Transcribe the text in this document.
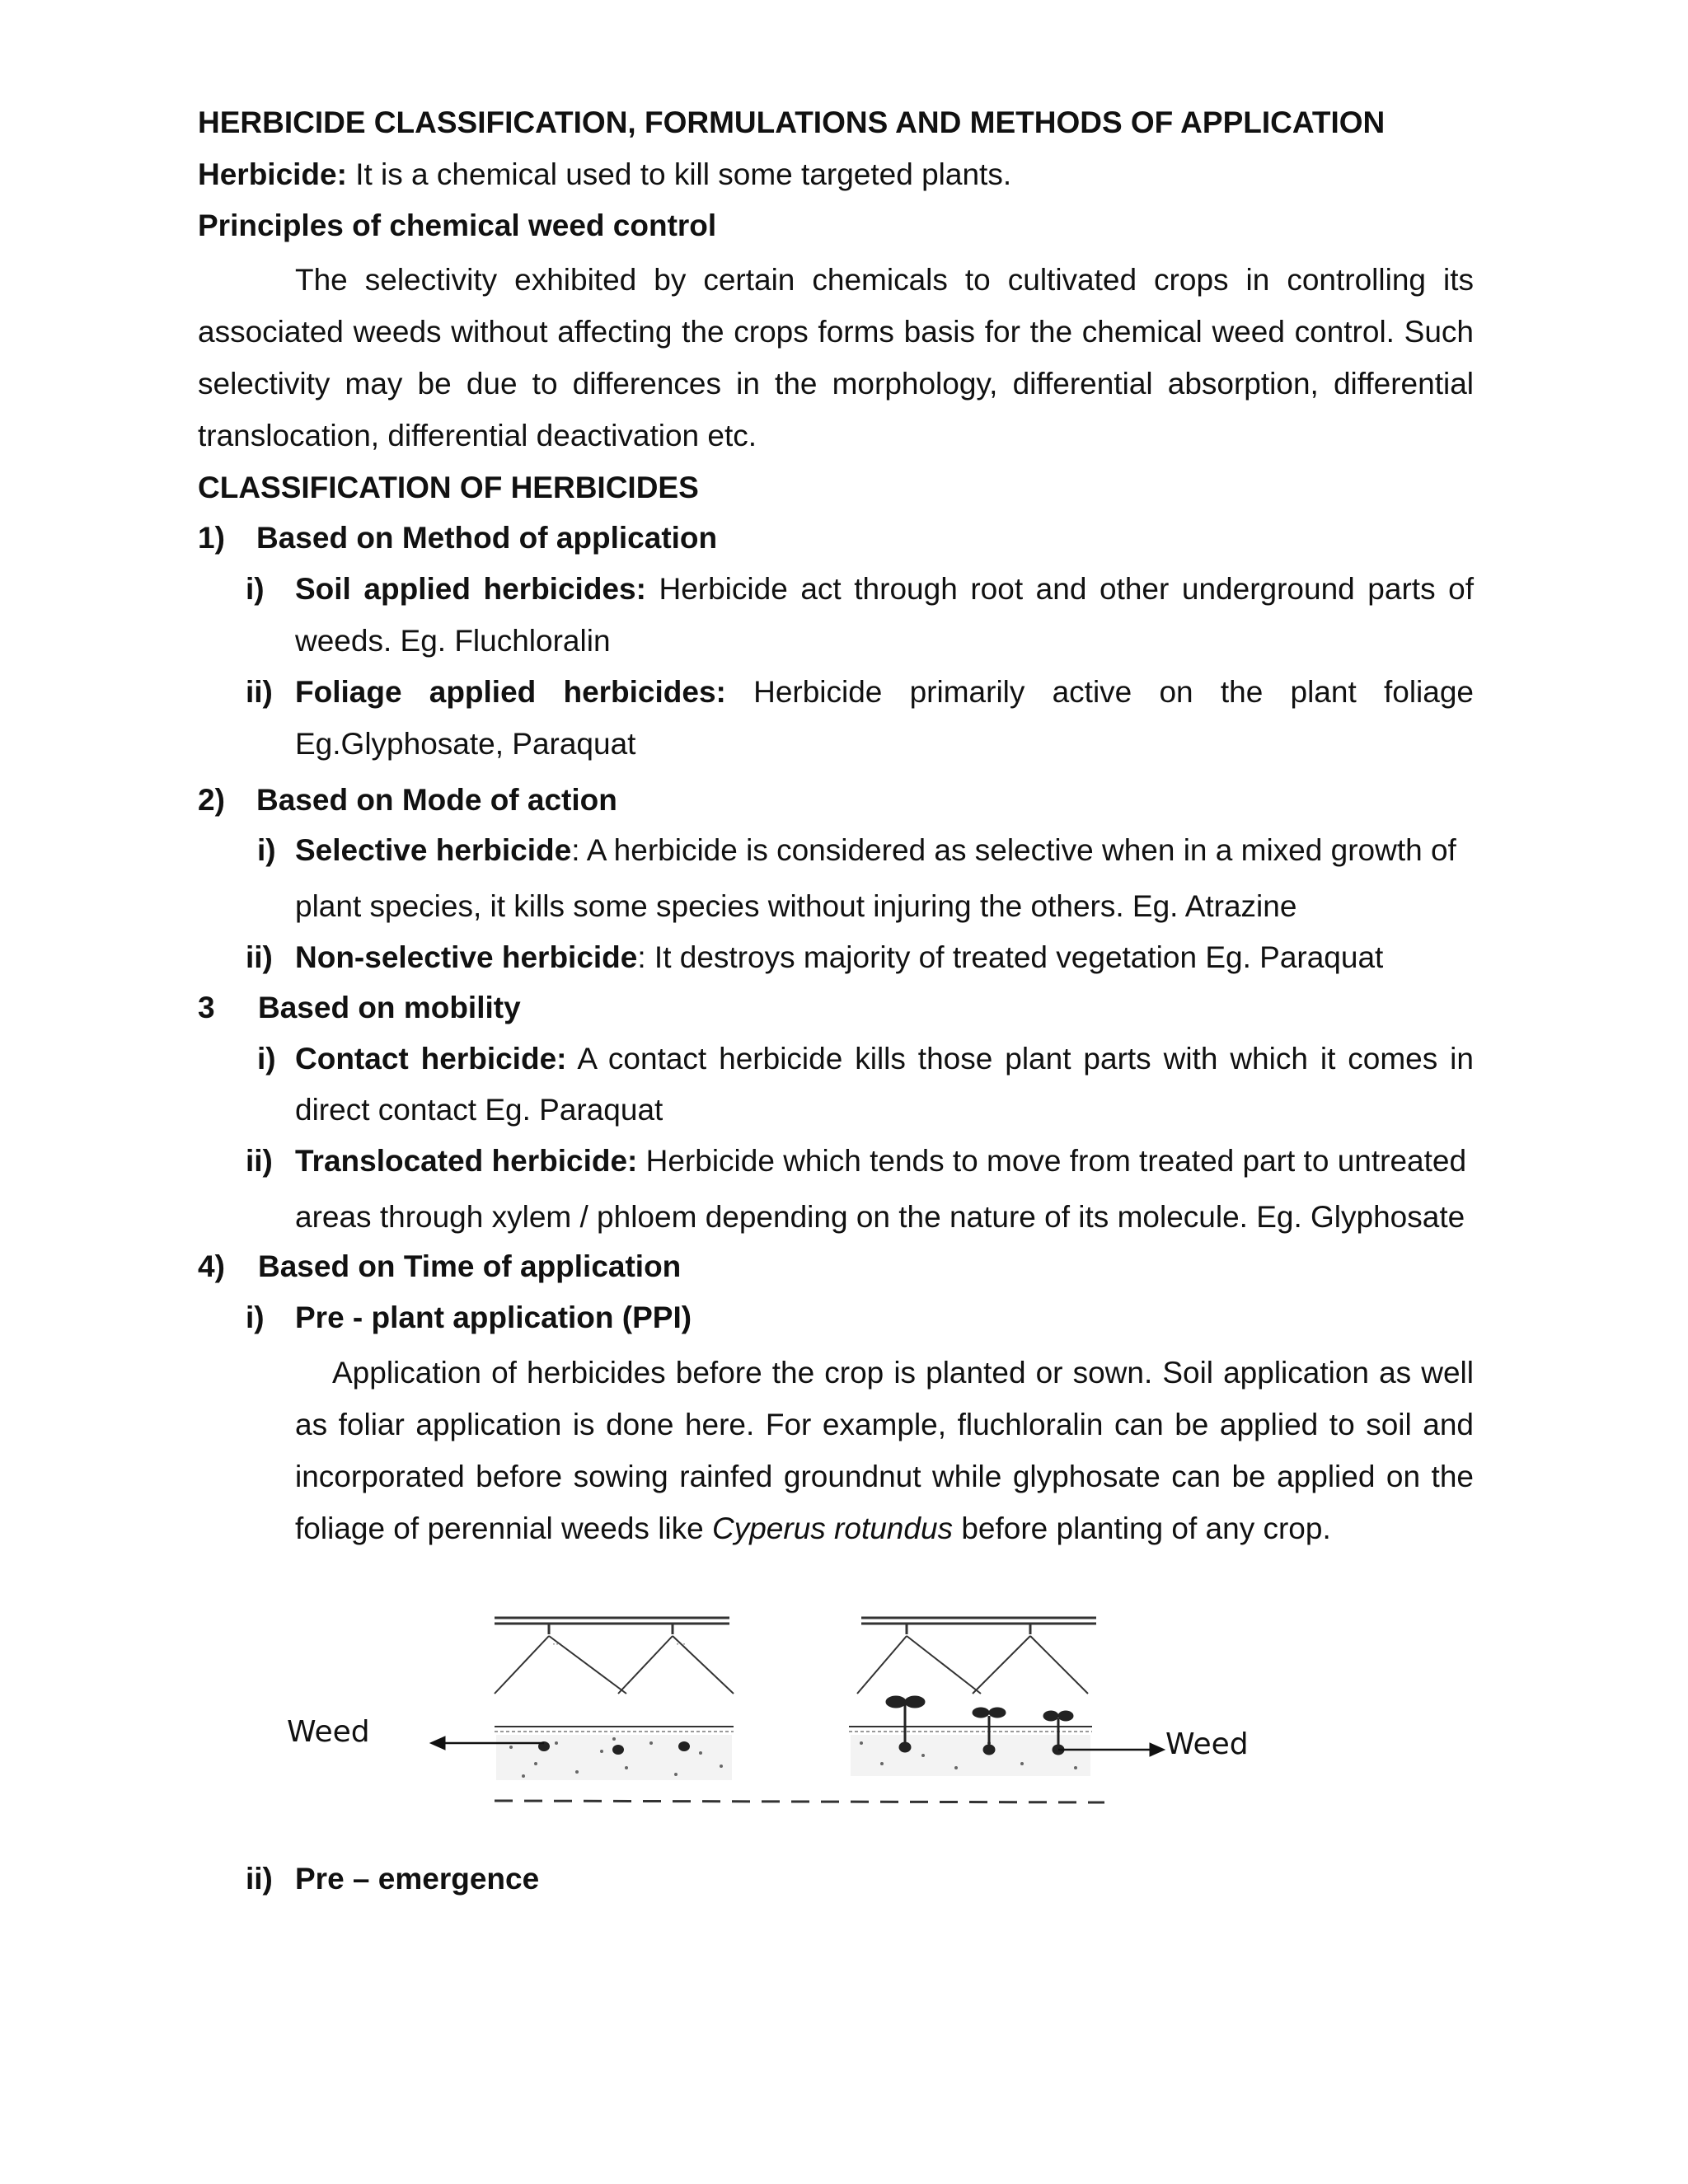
HERBICIDE CLASSIFICATION, FORMULATIONS AND METHODS OF APPLICATION
Herbicide: It is a chemical used to kill some targeted plants.
Principles of chemical weed control
The selectivity exhibited by certain chemicals to cultivated crops in controlling its
associated weeds without affecting the crops forms basis for the chemical weed control. Such
selectivity may be due to differences in the morphology, differential absorption, differential
translocation, differential deactivation etc.
CLASSIFICATION OF HERBICIDES
1) Based on Method of application
i) Soil applied herbicides: Herbicide act through root and other underground parts of
weeds. Eg. Fluchloralin
ii) Foliage applied herbicides: Herbicide primarily active on the plant foliage
Eg.Glyphosate, Paraquat
2) Based on Mode of action
i) Selective herbicide: A herbicide is considered as selective when in a mixed growth of
plant species, it kills some species without injuring the others. Eg. Atrazine
ii) Non-selective herbicide: It destroys majority of treated vegetation Eg. Paraquat
3 Based on mobility
i) Contact herbicide: A contact herbicide kills those plant parts with which it comes in
direct contact Eg. Paraquat
ii) Translocated herbicide: Herbicide which tends to move from treated part to untreated
areas through xylem / phloem depending on the nature of its molecule. Eg. Glyphosate
4) Based on Time of application
i) Pre - plant application (PPI)
Application of herbicides before the crop is planted or sown. Soil application as well
as foliar application is done here. For example, fluchloralin can be applied to soil and
incorporated before sowing rainfed groundnut while glyphosate can be applied on the
foliage of perennial weeds like Cyperus rotundus before planting of any crop.
···	···
Weed	Weed
ii) Pre – emergence
